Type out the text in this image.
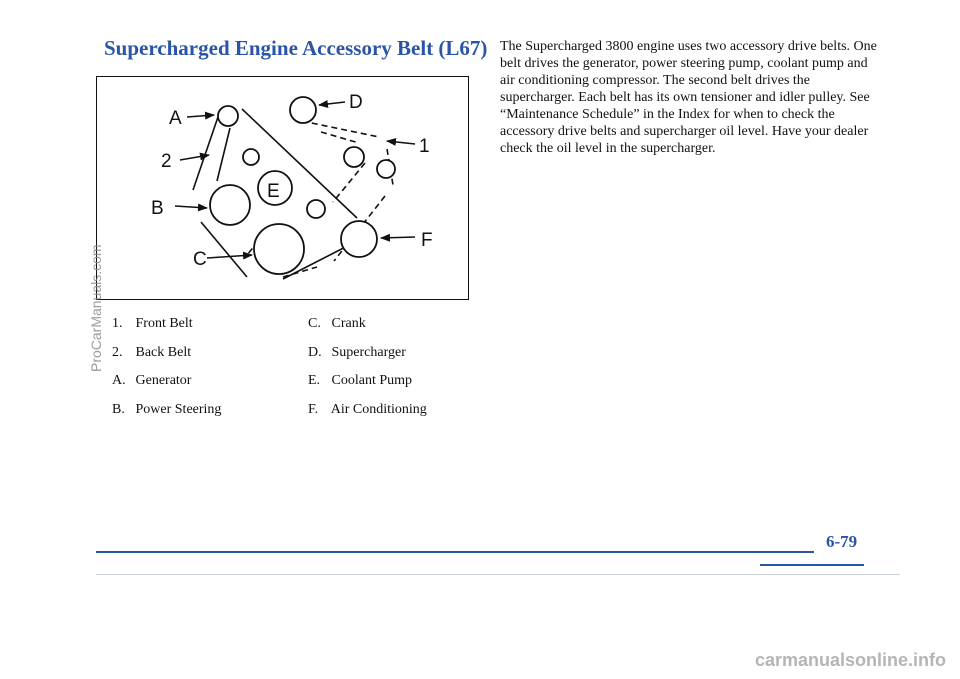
Supercharged Engine Accessory Belt (L67)
A
D
1
2
E
B
F
C
1. Front Belt
2. Back Belt
A. Generator
B. Power Steering
C. Crank
D. Supercharger
E. Coolant Pump
F. Air Conditioning
The Supercharged 3800 engine uses two accessory drive belts. One belt drives the generator, power steering pump, coolant pump and air conditioning compressor. The second belt drives the supercharger. Each belt has its own tensioner and idler pulley. See “Maintenance Schedule” in the Index for when to check the accessory drive belts and supercharger oil level. Have your dealer check the oil level in the supercharger.
6-79
ProCarManuals.com
carmanualsonline.info
